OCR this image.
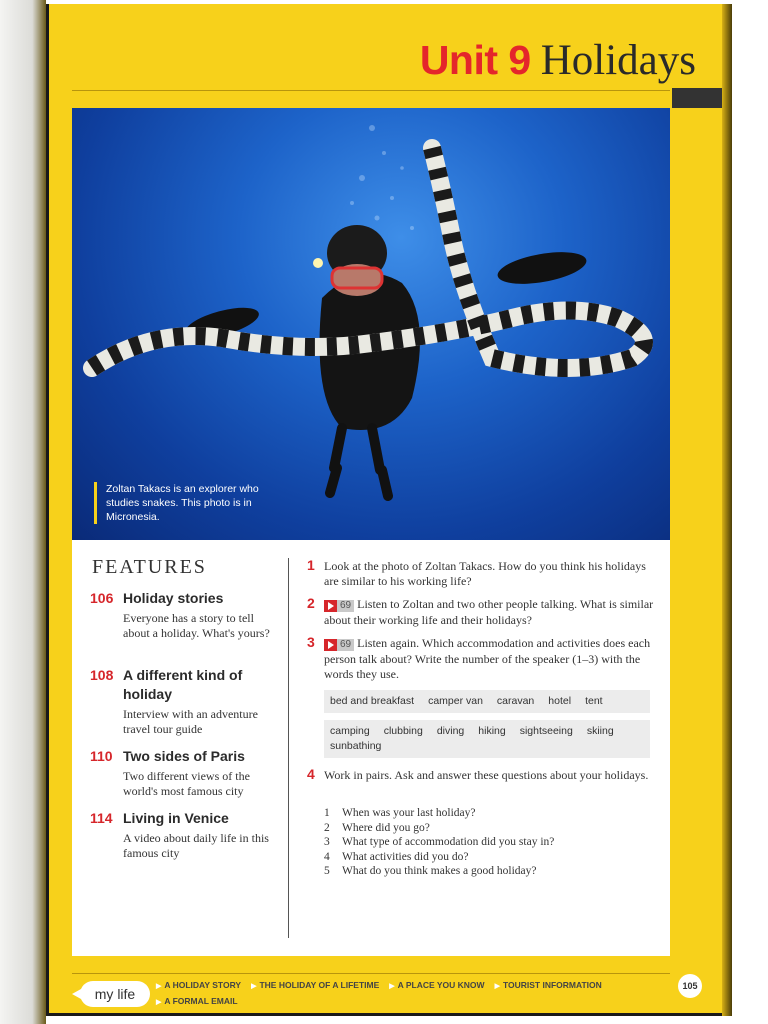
Unit 9 Holidays
Zoltan Takacs is an explorer who studies snakes. This photo is in Micronesia.
FEATURES
106 Holiday stories
Everyone has a story to tell about a holiday. What's yours?
108 A different kind of holiday
Interview with an adventure travel tour guide
110 Two sides of Paris
Two different views of the world's most famous city
114 Living in Venice
A video about daily life in this famous city
1 Look at the photo of Zoltan Takacs. How do you think his holidays are similar to his working life?
2	69 Listen to Zoltan and two other people talking. What is similar about their working life and their holidays?
3	69 Listen again. Which accommodation and activities does each person talk about? Write the number of the speaker (1–3) with the words they use.
bed and breakfast camper van caravan hotel tent
camping clubbing diving hiking sightseeing skiingsunbathing
4 Work in pairs. Ask and answer these questions about your holidays.
1	When was your last holiday?
2	Where did you go?
3	What type of accommodation did you stay in?
4	What activities did you do?
5	What do you think makes a good holiday?
my life
▶ A HOLIDAY STORY ▶ THE HOLIDAY OF A LIFETIME ▶ A PLACE YOU KNOW ▶ TOURIST INFORMATION
▶ A FORMAL EMAIL
105
